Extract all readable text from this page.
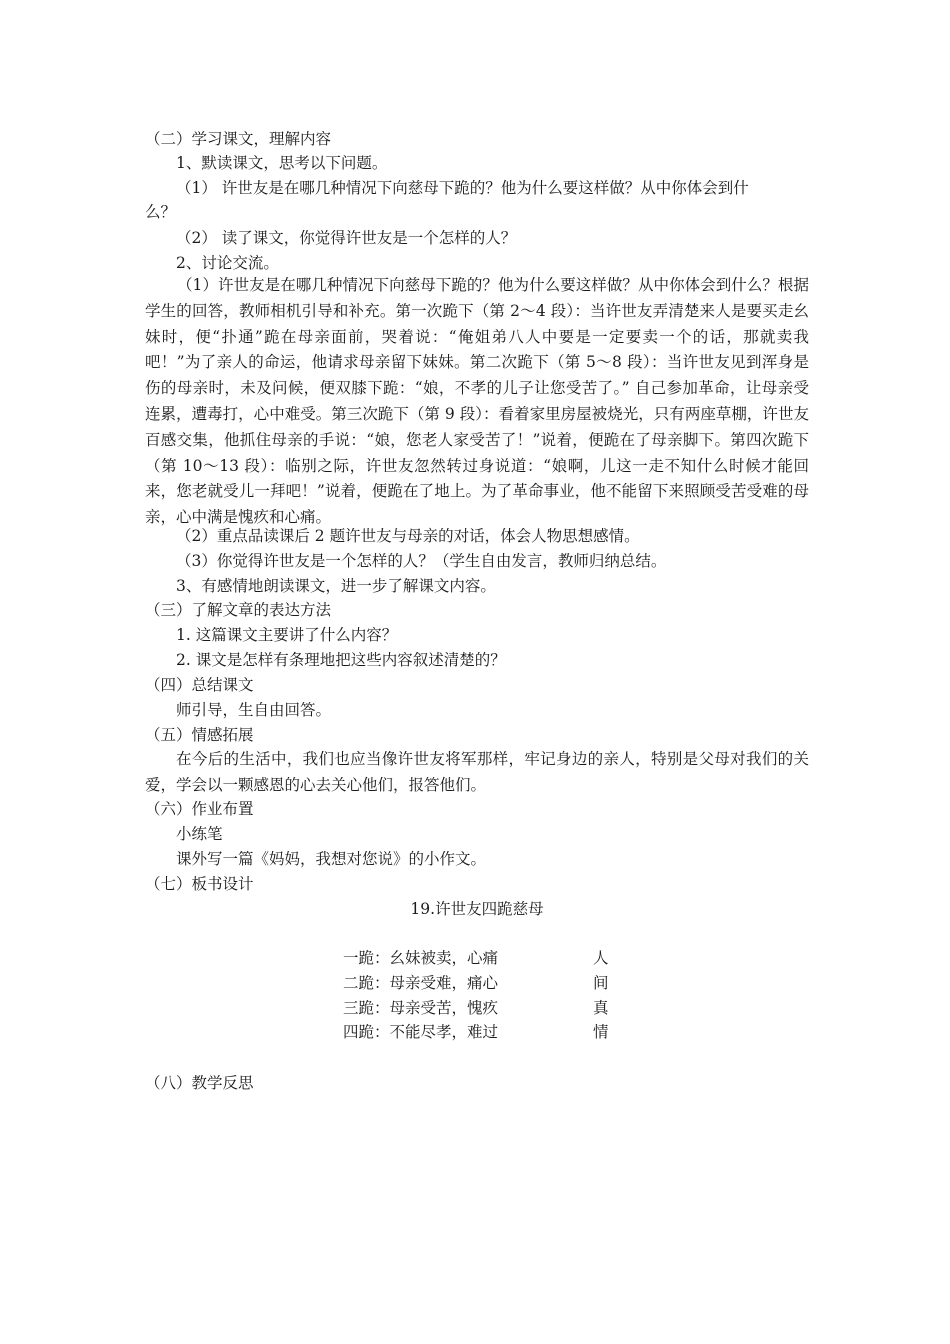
（二）学习课文，理解内容
1、默读课文，思考以下问题。
（1） 许世友是在哪几种情况下向慈母下跪的？他为什么要这样做？从中你体会到什
么？
（2） 读了课文，你觉得许世友是一个怎样的人？
2、讨论交流。
（1）许世友是在哪几种情况下向慈母下跪的？他为什么要这样做？从中你体会到什么？根据学生的回答，教师相机引导和补充。第一次跪下（第 2～4 段）：当许世友弄清楚来人是要买走幺妹时，便“扑通”跪在母亲面前，哭着说：“俺姐弟八人中要是一定要卖一个的话，那就卖我吧！”为了亲人的命运，他请求母亲留下妹妹。第二次跪下（第 5～8 段）：当许世友见到浑身是伤的母亲时，未及问候，便双膝下跪：“娘，不孝的儿子让您受苦了。” 自己参加革命，让母亲受连累，遭毒打，心中难受。第三次跪下（第 9 段）：看着家里房屋被烧光，只有两座草棚，许世友百感交集，他抓住母亲的手说：“娘，您老人家受苦了！”说着，便跪在了母亲脚下。第四次跪下（第 10～13 段）：临别之际，许世友忽然转过身说道：“娘啊，儿这一走不知什么时候才能回来，您老就受儿一拜吧！”说着，便跪在了地上。为了革命事业，他不能留下来照顾受苦受难的母亲，心中满是愧疚和心痛。
（2）重点品读课后 2 题许世友与母亲的对话，体会人物思想感情。
（3）你觉得许世友是一个怎样的人？（学生自由发言，教师归纳总结。
3、有感情地朗读课文，进一步了解课文内容。
（三）了解文章的表达方法
1. 这篇课文主要讲了什么内容？
2. 课文是怎样有条理地把这些内容叙述清楚的？
（四）总结课文
师引导，生自由回答。
（五）情感拓展
在今后的生活中，我们也应当像许世友将军那样，牢记身边的亲人，特别是父母对我们的关爱，学会以一颗感恩的心去关心他们，报答他们。
（六）作业布置
小练笔
课外写一篇《妈妈，我想对您说》的小作文。
（七）板书设计
19.许世友四跪慈母
一跪：幺妹被卖，心痛	人
二跪：母亲受难，痛心	间
三跪：母亲受苦，愧疚	真
四跪：不能尽孝，难过	情
（八）教学反思
